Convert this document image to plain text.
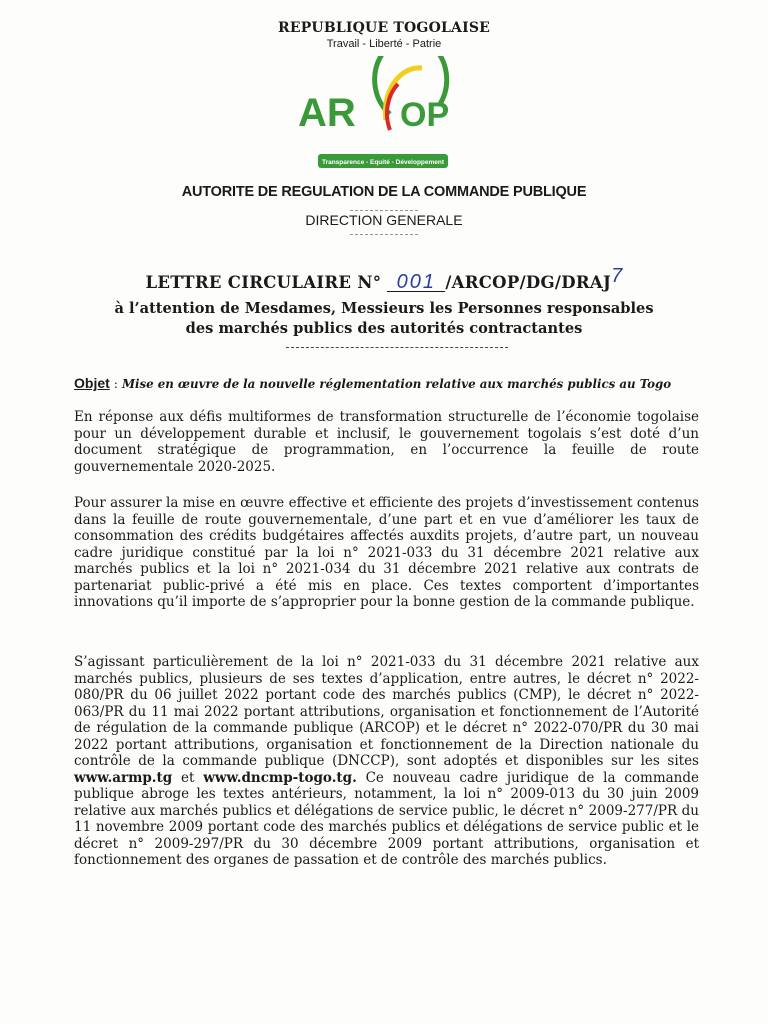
REPUBLIQUE TOGOLAISE
Travail - Liberté - Patrie
AR OP
Transparence - Equité - Développement
AUTORITE DE REGULATION DE LA COMMANDE PUBLIQUE
DIRECTION GENERALE
LETTRE CIRCULAIRE N° 001 /ARCOP/DG/DRAJ7
à l’attention de Mesdames, Messieurs les Personnes responsables
des marchés publics des autorités contractantes
Objet : Mise en œuvre de la nouvelle réglementation relative aux marchés publics au Togo

En réponse aux défis multiformes de transformation structurelle de l’économie togolaise pour un développement durable et inclusif, le gouvernement togolais s’est doté d’un document stratégique de programmation, en l’occurrence la feuille de route gouvernementale 2020-2025.

Pour assurer la mise en œuvre effective et efficiente des projets d’investissement contenus dans la feuille de route gouvernementale, d’une part et en vue d’améliorer les taux de consommation des crédits budgétaires affectés auxdits projets, d’autre part, un nouveau cadre juridique constitué par la loi n° 2021-033 du 31 décembre 2021 relative aux marchés publics et la loi n° 2021-034 du 31 décembre 2021 relative aux contrats de partenariat public-privé a été mis en place. Ces textes comportent d’importantes innovations qu’il importe de s’approprier pour la bonne gestion de la commande publique.

S’agissant particulièrement de la loi n° 2021-033 du 31 décembre 2021 relative aux marchés publics, plusieurs de ses textes d’application, entre autres, le décret n° 2022-080/PR du 06 juillet 2022 portant code des marchés publics (CMP), le décret n° 2022-063/PR du 11 mai 2022 portant attributions, organisation et fonctionnement de l’Autorité de régulation de la commande publique (ARCOP) et le décret n° 2022-070/PR du 30 mai 2022 portant attributions, organisation et fonctionnement de la Direction nationale du contrôle de la commande publique (DNCCP), sont adoptés et disponibles sur les sites www.armp.tg et www.dncmp-togo.tg. Ce nouveau cadre juridique de la commande publique abroge les textes antérieurs, notamment, la loi n° 2009-013 du 30 juin 2009 relative aux marchés publics et délégations de service public, le décret n° 2009-277/PR du 11 novembre 2009 portant code des marchés publics et délégations de service public et le décret n° 2009-297/PR du 30 décembre 2009 portant attributions, organisation et fonctionnement des organes de passation et de contrôle des marchés publics.
